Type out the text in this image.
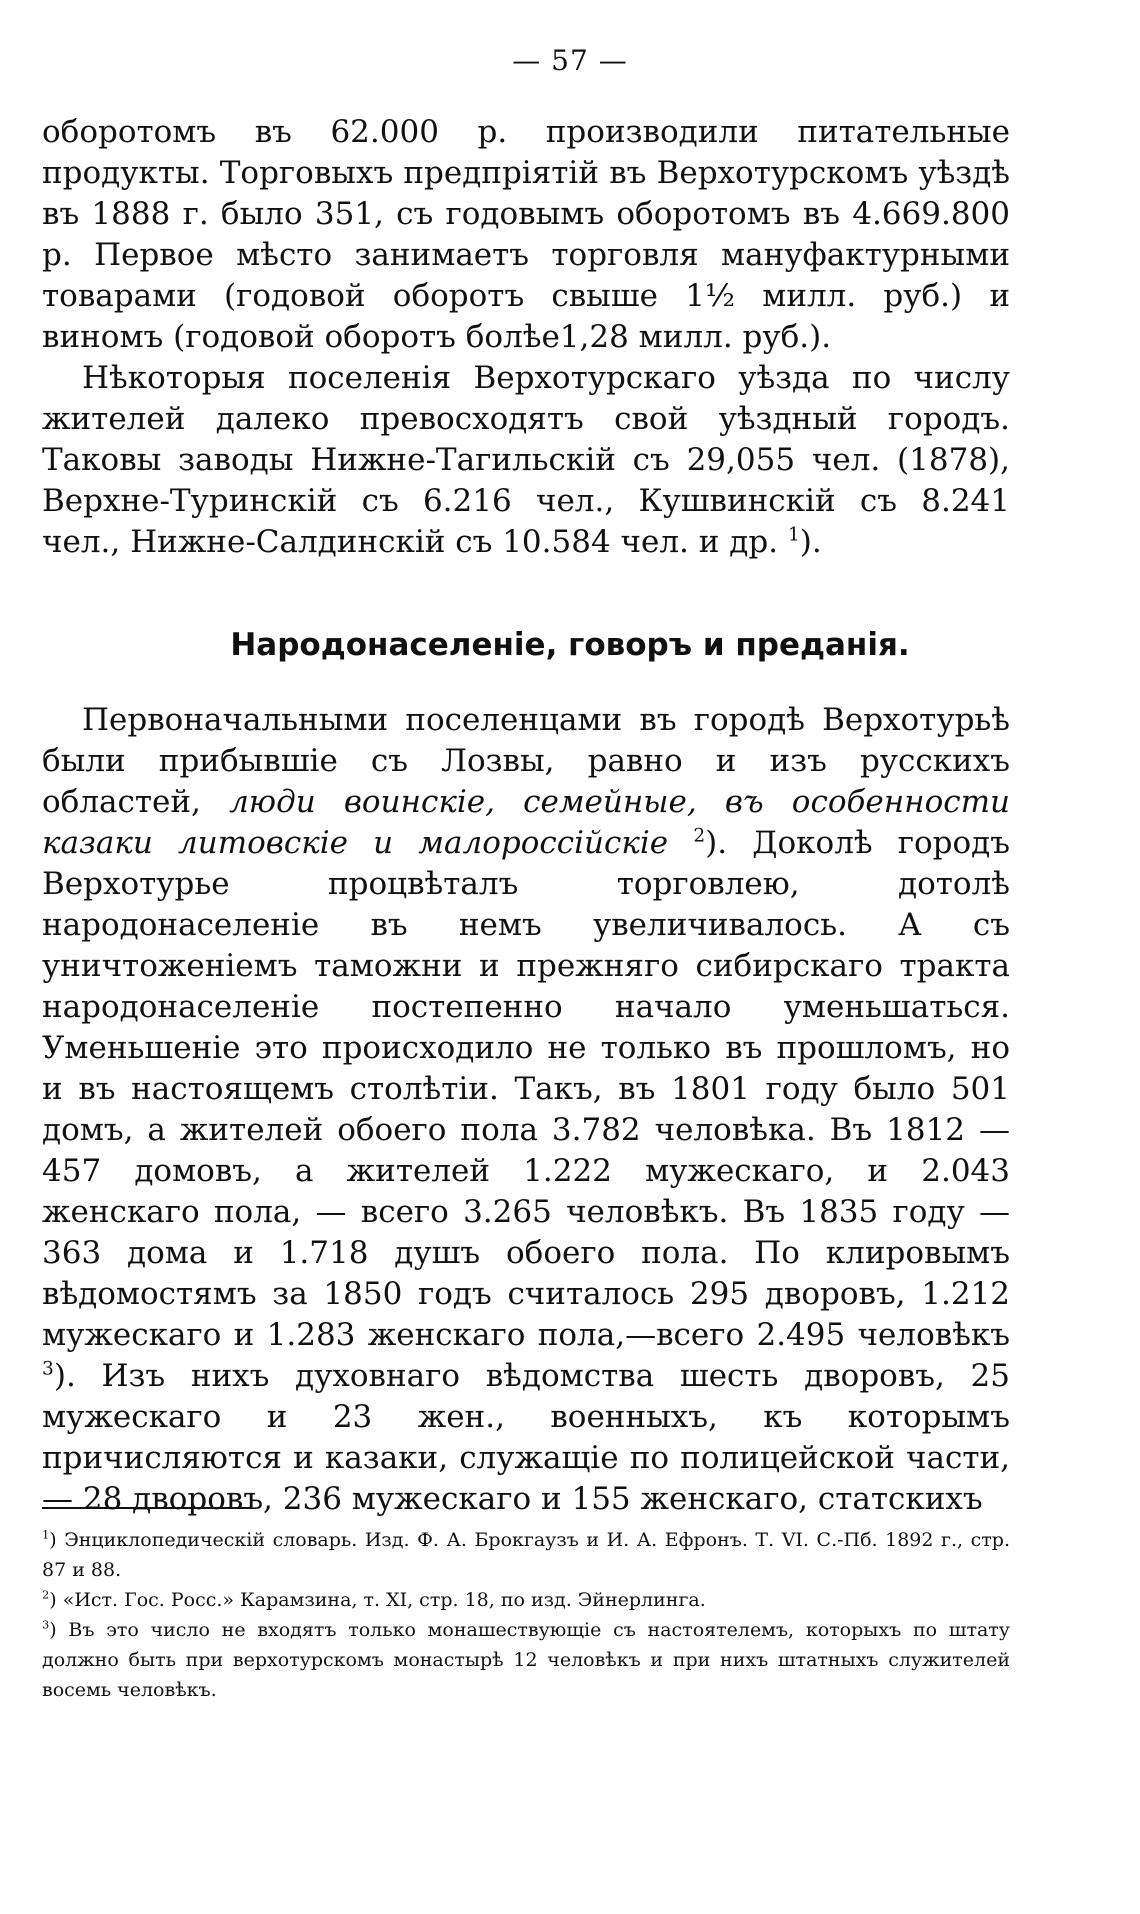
— 57 —

оборотомъ въ 62.000 р. производили питательные продукты. Торговыхъ предпріятій въ Верхотурскомъ уѣздѣ въ 1888 г. было 351, съ годовымъ оборотомъ въ 4.669.800 р. Первое мѣсто занимаетъ торговля мануфактурными товарами (годовой оборотъ свыше 1½ милл. руб.) и виномъ (годовой оборотъ болѣе1,28 милл. руб.).

Нѣкоторыя поселенія Верхотурскаго уѣзда по числу жителей далеко превосходятъ свой уѣздный городъ. Таковы заводы Нижне-Тагильскій съ 29,055 чел. (1878), Верхне-Туринскій съ 6.216 чел., Кушвинскій съ 8.241 чел., Нижне-Салдинскій съ 10.584 чел. и др. $^1$).

Народонаселеніе, говоръ и преданія.

Первоначальными поселенцами въ городѣ Верхотурьѣ были прибывшіе съ Лозвы, равно и изъ русскихъ областей, люди воинскіе, семейные, въ особенности казаки литовскіе и малороссійскіе $^2$). Доколѣ городъ Верхотурье процвѣталъ торговлею, дотолѣ народонаселеніе въ немъ увеличивалось. А съ уничтоженіемъ таможни и прежняго сибирскаго тракта народонаселеніе постепенно начало уменьшаться. Уменьшеніе это происходило не только въ прошломъ, но и въ настоящемъ столѣтіи. Такъ, въ 1801 году было 501 домъ, а жителей обоего пола 3.782 человѣка. Въ 1812 — 457 домовъ, а жителей 1.222 мужескаго, и 2.043 женскаго пола, — всего 3.265 человѣкъ. Въ 1835 году — 363 дома и 1.718 душъ обоего пола. По клировымъ вѣдомостямъ за 1850 годъ считалось 295 дворовъ, 1.212 мужескаго и 1.283 женскаго пола,—всего 2.495 человѣкъ $^3$). Изъ нихъ духовнаго вѣдомства шесть дворовъ, 25 мужескаго и 23 жен., военныхъ, къ которымъ причисляются и казаки, служащіе по полицейской части,— 28 дворовъ, 236 мужескаго и 155 женскаго, статскихъ

$^1$) Энциклопедическій словарь. Изд. Ф. А. Брокгаузъ и И. А. Ефронъ. Т. VI. С.-Пб. 1892 г., стр. 87 и 88.

$^2$) «Ист. Гос. Росс.» Карамзина, т. XI, стр. 18, по изд. Эйнерлинга.

$^3$) Въ это число не входятъ только монашествующіе съ настоятелемъ, которыхъ по штату должно быть при верхотурскомъ монастырѣ 12 человѣкъ и при нихъ штатныхъ служителей восемь человѣкъ.
